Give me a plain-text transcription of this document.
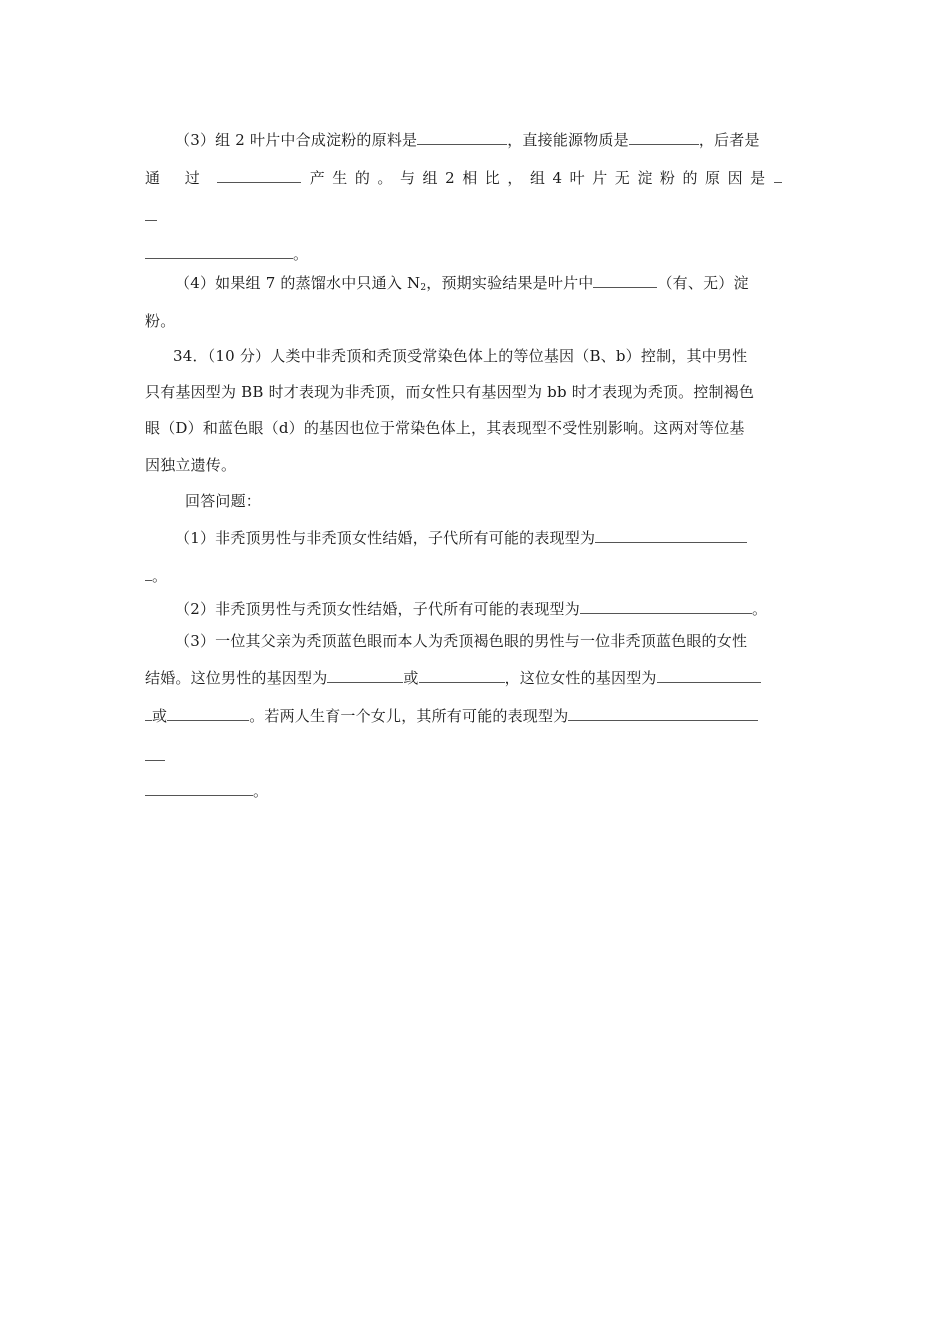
（3）组 2 叶片中合成淀粉的原料是	，直接能源物质是	，后者是
通 过	产 生 的 。 与 组 2 相 比 ， 组 4 叶 片 无 淀 粉 的 原 因 是
。
（4）如果组 7 的蒸馏水中只通入 $N_2$，预期实验结果是叶片中	（有、无）淀
粉。
34．（10 分）人类中非秃顶和秃顶受常染色体上的等位基因（B、b）控制，其中男性
只有基因型为 BB 时才表现为非秃顶，而女性只有基因型为 bb 时才表现为秃顶。控制褐色
眼（D）和蓝色眼（d）的基因也位于常染色体上，其表现型不受性别影响。这两对等位基
因独立遗传。
回答问题：
（1）非秃顶男性与非秃顶女性结婚，子代所有可能的表现型为
。
（2）非秃顶男性与秃顶女性结婚，子代所有可能的表现型为	。
（3）一位其父亲为秃顶蓝色眼而本人为秃顶褐色眼的男性与一位非秃顶蓝色眼的女性
结婚。这位男性的基因型为	或	，这位女性的基因型为
或	。若两人生育一个女儿，其所有可能的表现型为
。
